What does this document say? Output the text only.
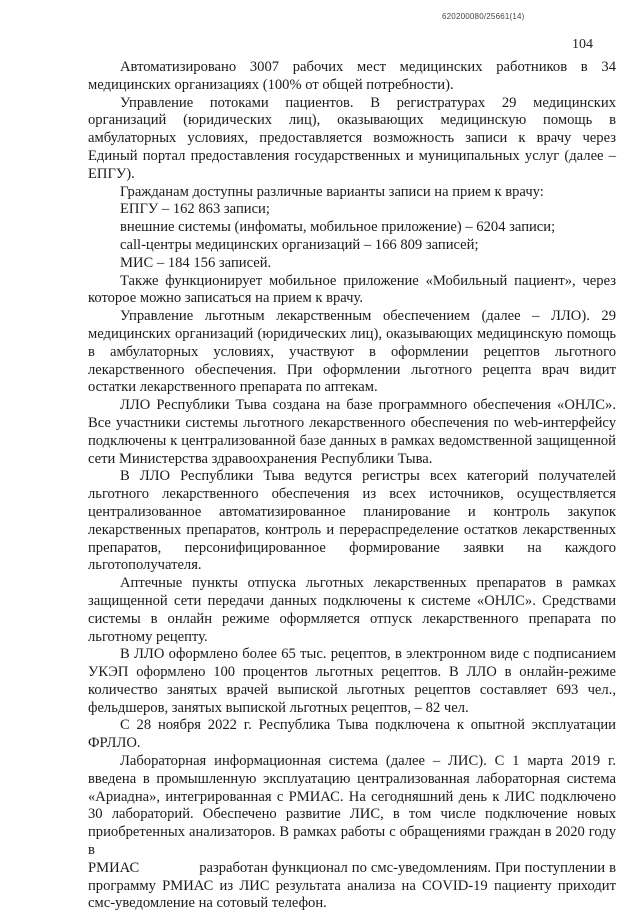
620200080/25661(14)
104

Автоматизировано 3007 рабочих мест медицинских работников в 34 медицинских организациях (100% от общей потребности).

Управление потоками пациентов. В регистратурах 29 медицинских организаций (юридических лиц), оказывающих медицинскую помощь в амбулаторных условиях, предоставляется возможность записи к врачу через Единый портал предоставления государственных и муниципальных услуг (далее – ЕПГУ).

Гражданам доступны различные варианты записи на прием к врачу:

ЕПГУ – 162 863 записи;

внешние системы (инфоматы, мобильное приложение) – 6204 записи;

call-центры медицинских организаций – 166 809 записей;

МИС – 184 156 записей.

Также функционирует мобильное приложение «Мобильный пациент», через которое можно записаться на прием к врачу.

Управление льготным лекарственным обеспечением (далее – ЛЛО). 29 медицинских организаций (юридических лиц), оказывающих медицинскую помощь в амбулаторных условиях, участвуют в оформлении рецептов льготного лекарственного обеспечения. При оформлении льготного рецепта врач видит остатки лекарственного препарата по аптекам.

ЛЛО Республики Тыва создана на базе программного обеспечения «ОНЛС». Все участники системы льготного лекарственного обеспечения по web-интерфейсу подключены к централизованной базе данных в рамках ведомственной защищенной сети Министерства здравоохранения Республики Тыва.

В ЛЛО Республики Тыва ведутся регистры всех категорий получателей льготного лекарственного обеспечения из всех источников, осуществляется централизованное автоматизированное планирование и контроль закупок лекарственных препаратов, контроль и перераспределение остатков лекарственных препаратов, персонифицированное формирование заявки на каждого льготополучателя.

Аптечные пункты отпуска льготных лекарственных препаратов в рамках защищенной сети передачи данных подключены к системе «ОНЛС». Средствами системы в онлайн режиме оформляется отпуск лекарственного препарата по льготному рецепту.

В ЛЛО оформлено более 65 тыс. рецептов, в электронном виде с подписанием УКЭП оформлено 100 процентов льготных рецептов. В ЛЛО в онлайн-режиме количество занятых врачей выпиской льготных рецептов составляет 693 чел., фельдшеров, занятых выпиской льготных рецептов, – 82 чел.

С 28 ноября 2022 г. Республика Тыва подключена к опытной эксплуатации ФРЛЛО.

Лабораторная информационная система (далее – ЛИС). С 1 марта 2019 г. введена в промышленную эксплуатацию централизованная лабораторная система «Ариадна», интегрированная с РМИАС. На сегодняшний день к ЛИС подключено 30 лабораторий. Обеспечено развитие ЛИС, в том числе подключение новых приобретенных анализаторов. В рамках работы с обращениями граждан в 2020 году в

РМИАС	разработан функционал по смс-уведомлениям. При поступлении в программу РМИАС из ЛИС результата анализа на COVID-19 пациенту приходит смс-уведомление на сотовый телефон.
